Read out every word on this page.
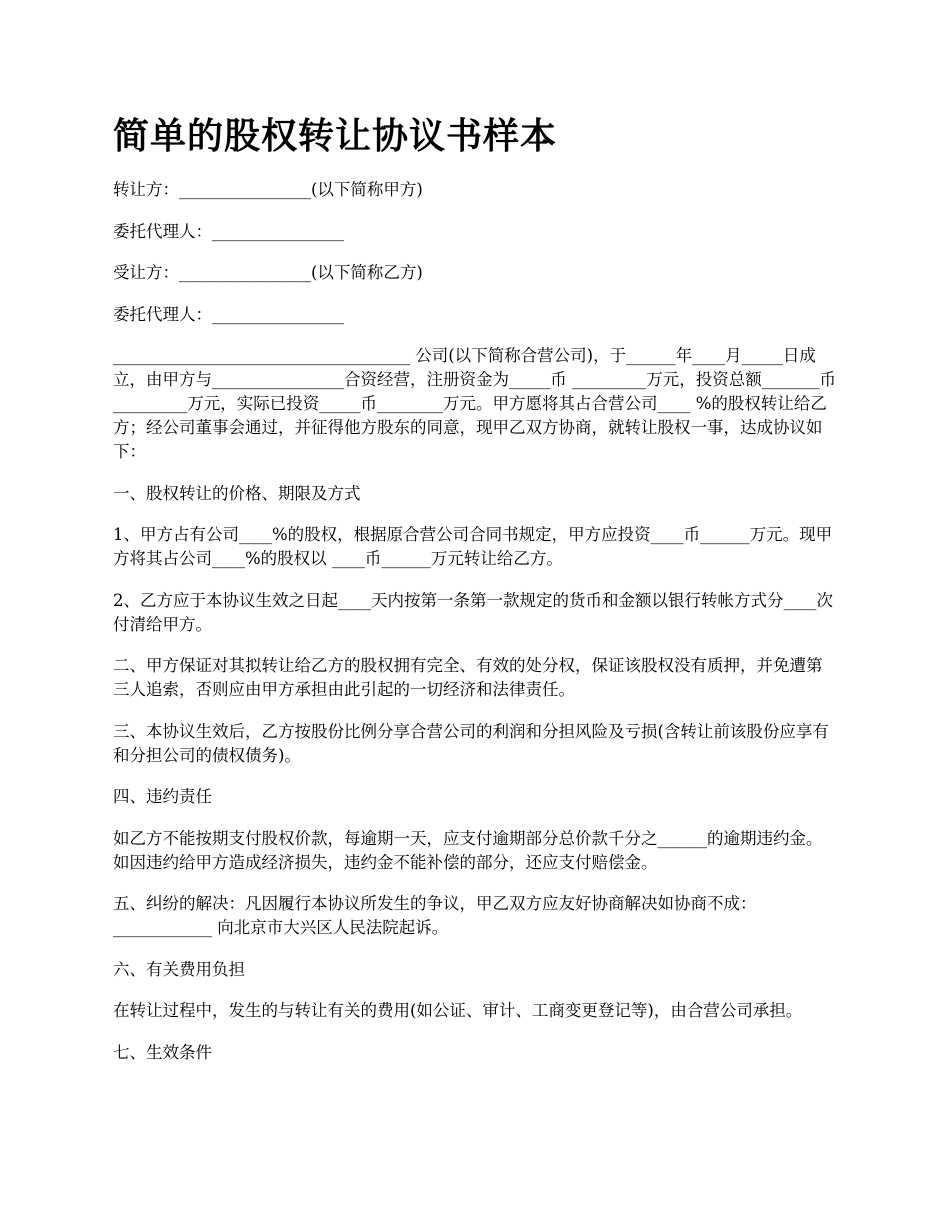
简单的股权转让协议书样本

转让方：________________(以下简称甲方)

委托代理人：________________

受让方：________________(以下简称乙方)

委托代理人：________________

____________________________________ 公司(以下简称合营公司)，于______年____月_____日成立，由甲方与________________合资经营，注册资金为_____币 _________万元，投资总额_______币_________万元，实际已投资_____币________万元。甲方愿将其占合营公司____ %的股权转让给乙方；经公司董事会通过，并征得他方股东的同意，现甲乙双方协商，就转让股权一事，达成协议如下：

一、股权转让的价格、期限及方式

1、甲方占有公司____%的股权，根据原合营公司合同书规定，甲方应投资____币______万元。现甲方将其占公司____%的股权以 ____币______万元转让给乙方。

2、乙方应于本协议生效之日起____天内按第一条第一款规定的货币和金额以银行转帐方式分____次付清给甲方。

二、甲方保证对其拟转让给乙方的股权拥有完全、有效的处分权，保证该股权没有质押，并免遭第三人追索，否则应由甲方承担由此引起的一切经济和法律责任。

三、本协议生效后，乙方按股份比例分享合营公司的利润和分担风险及亏损(含转让前该股份应享有和分担公司的债权债务)。

四、违约责任

如乙方不能按期支付股权价款，每逾期一天，应支付逾期部分总价款千分之______的逾期违约金。如因违约给甲方造成经济损失，违约金不能补偿的部分，还应支付赔偿金。

五、纠纷的解决：凡因履行本协议所发生的争议，甲乙双方应友好协商解决如协商不成：____________ 向北京市大兴区人民法院起诉。

六、有关费用负担

在转让过程中，发生的与转让有关的费用(如公证、审计、工商变更登记等)，由合营公司承担。

七、生效条件
